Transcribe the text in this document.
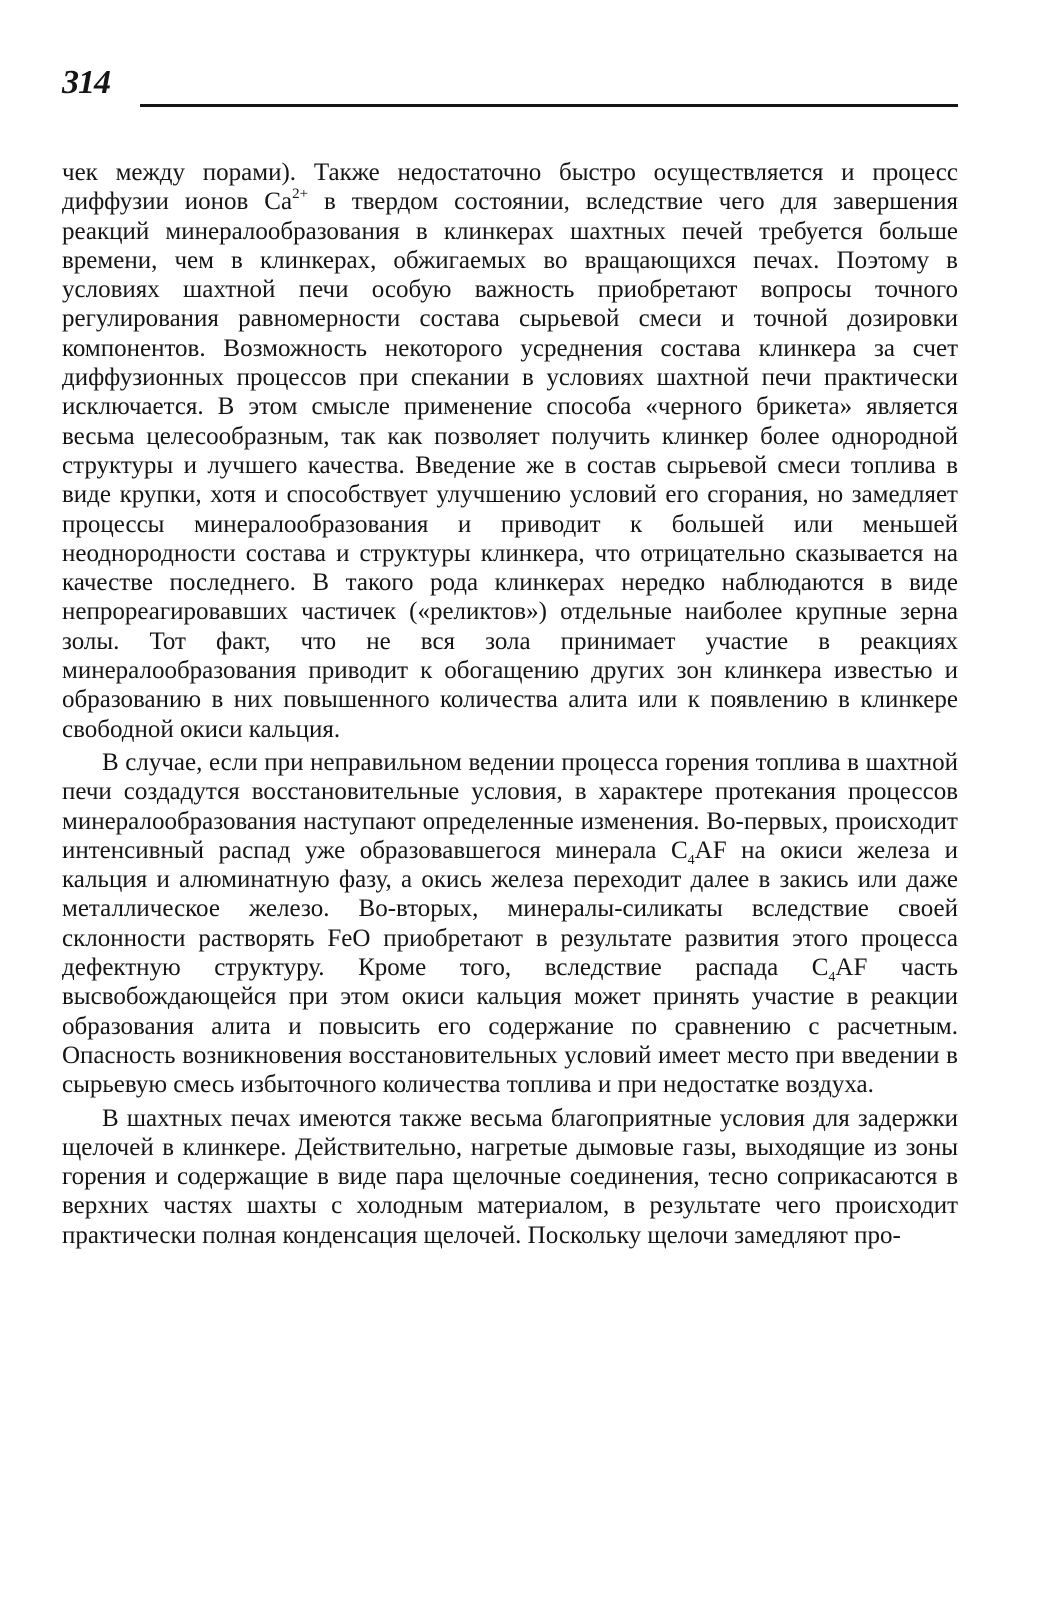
314

чек между порами). Также недостаточно быстро осуществляется и процесс диффузии ионов $Ca^{2+}$ в твердом состоянии, вследствие чего для завершения реакций минералообразования в клинкерах шахтных печей требуется больше времени, чем в клинкерах, обжигаемых во вращающихся печах. Поэтому в условиях шахтной печи особую важность приобретают вопросы точного регулирования равномерности состава сырьевой смеси и точной дозировки компонентов. Возможность некоторого усреднения состава клинкера за счет диффузионных процессов при спекании в условиях шахтной печи практически исключается. В этом смысле применение способа «черного брикета» является весьма целесообразным, так как позволяет получить клинкер более однородной структуры и лучшего качества. Введение же в состав сырьевой смеси топлива в виде крупки, хотя и способствует улучшению условий его сгорания, но замедляет процессы минералообразования и приводит к большей или меньшей неоднородности состава и структуры клинкера, что отрицательно сказывается на качестве последнего. В такого рода клинкерах нередко наблюдаются в виде непрореагировавших частичек («реликтов») отдельные наиболее крупные зерна золы. Тот факт, что не вся зола принимает участие в реакциях минералообразования приводит к обогащению других зон клинкера известью и образованию в них повышенного количества алита или к появлению в клинкере свободной окиси кальция.

В случае, если при неправильном ведении процесса горения топлива в шахтной печи создадутся восстановительные условия, в характере протекания процессов минералообразования наступают определенные изменения. Во-первых, происходит интенсивный распад уже образовавшегося минерала $C_4AF$ на окиси железа и кальция и алюминатную фазу, а окись железа переходит далее в закись или даже металлическое железо. Во-вторых, минералы-силикаты вследствие своей склонности растворять FeO приобретают в результате развития этого процесса дефектную структуру. Кроме того, вследствие распада $C_4AF$ часть высвобождающейся при этом окиси кальция может принять участие в реакции образования алита и повысить его содержание по сравнению с расчетным. Опасность возникновения восстановительных условий имеет место при введении в сырьевую смесь избыточного количества топлива и при недостатке воздуха.

В шахтных печах имеются также весьма благоприятные условия для задержки щелочей в клинкере. Действительно, нагретые дымовые газы, выходящие из зоны горения и содержащие в виде пара щелочные соединения, тесно соприкасаются в верхних частях шахты с холодным материалом, в результате чего происходит практически полная конденсация щелочей. Поскольку щелочи замедляют про-
